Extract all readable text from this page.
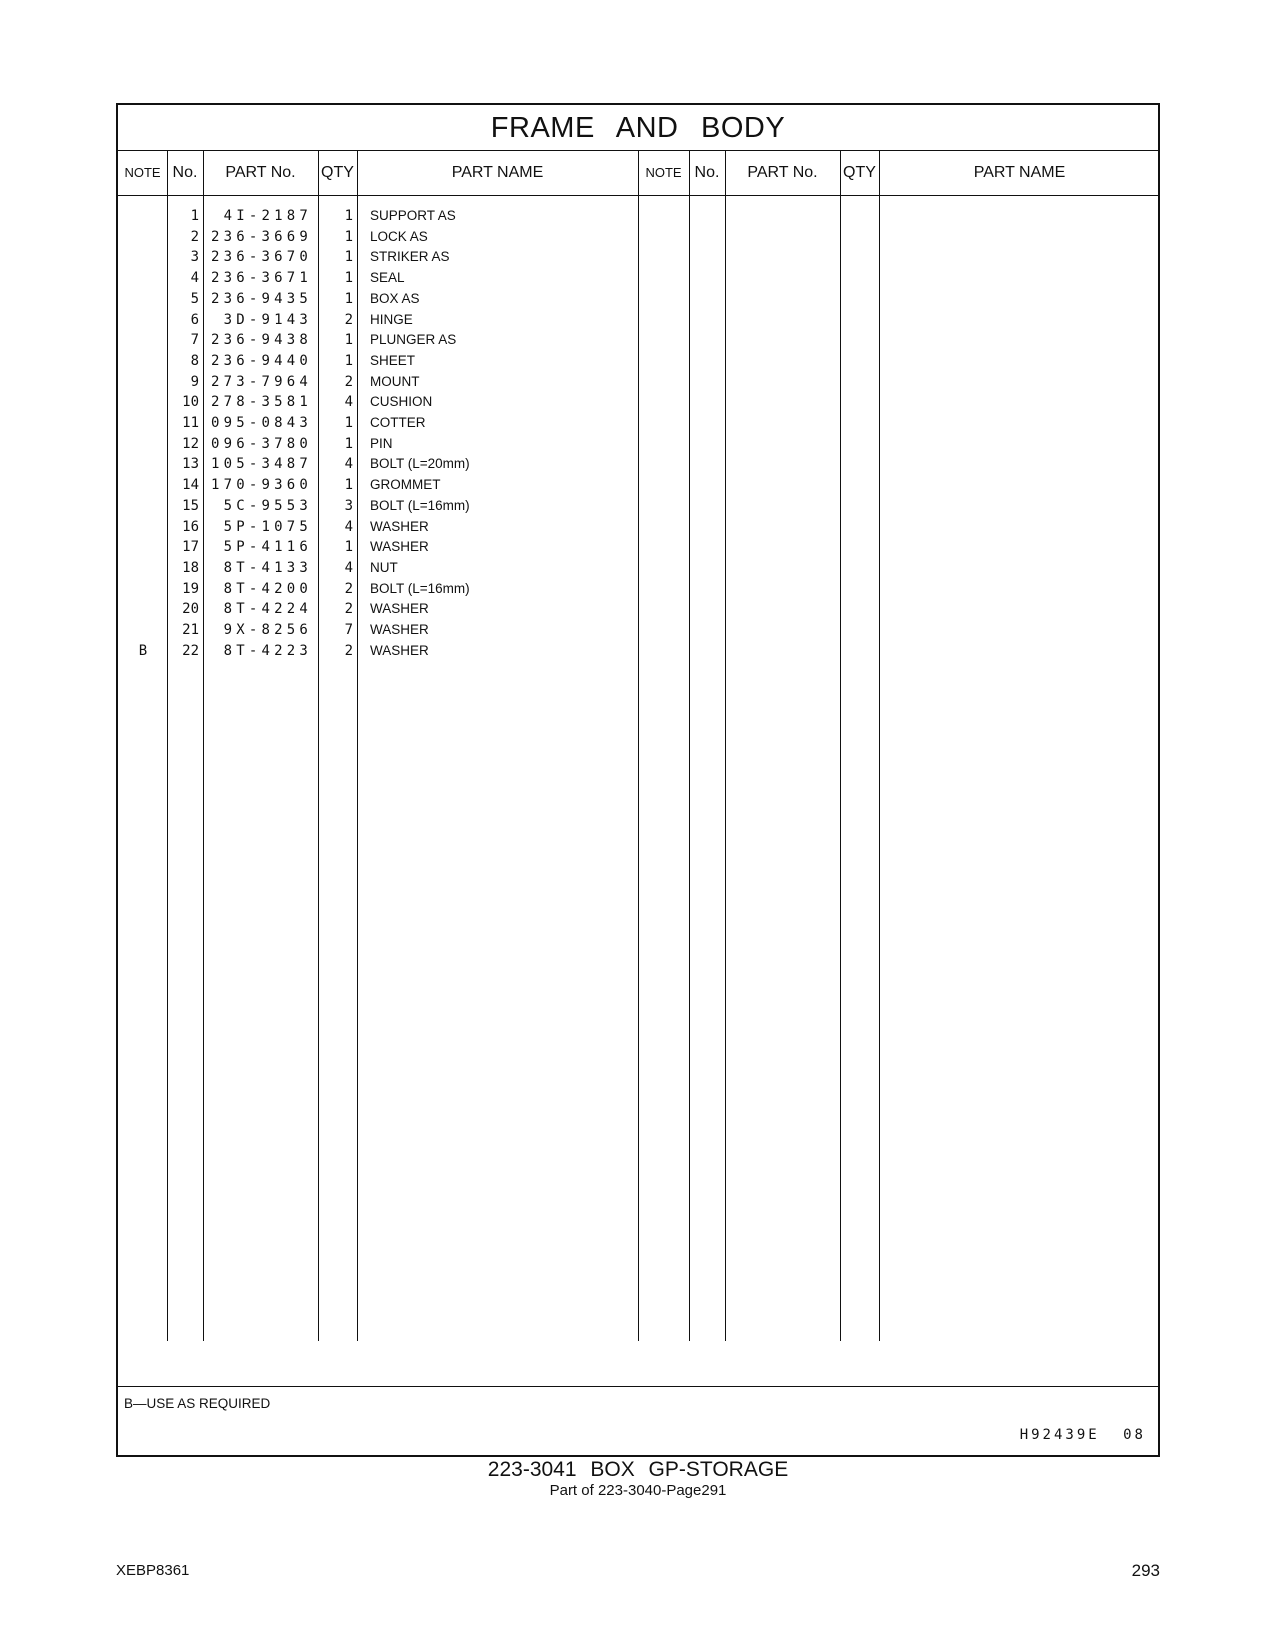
FRAME AND BODY
NOTE No.	PART No.	QTY	PART NAME	NOTE No.	PART No.	QTY	PART NAME
1	4I-2187	1 SUPPORT AS
2 236-3669	1 LOCK AS
3 236-3670	1 STRIKER AS
4 236-3671	1 SEAL
5 236-9435	1 BOX AS
6	3D-9143	2 HINGE
7 236-9438	1 PLUNGER AS
8 236-9440	1 SHEET
9 273-7964	2 MOUNT
10 278-3581	4 CUSHION
11 095-0843	1 COTTER
12 096-3780	1 PIN
13 105-3487	4 BOLT (L=20mm)
14 170-9360	1 GROMMET
15	5C-9553	3 BOLT (L=16mm)
16	5P-1075	4 WASHER
17	5P-4116	1 WASHER
18	8T-4133	4 NUT
19	8T-4200	2 BOLT (L=16mm)
20	8T-4224	2 WASHER
21	9X-8256	7 WASHER
B	22	8T-4223	2 WASHER
B—USE AS REQUIRED
H92439E 08
223-3041 BOX GP-STORAGE
Part of 223-3040-Page291
XEBP8361	293
